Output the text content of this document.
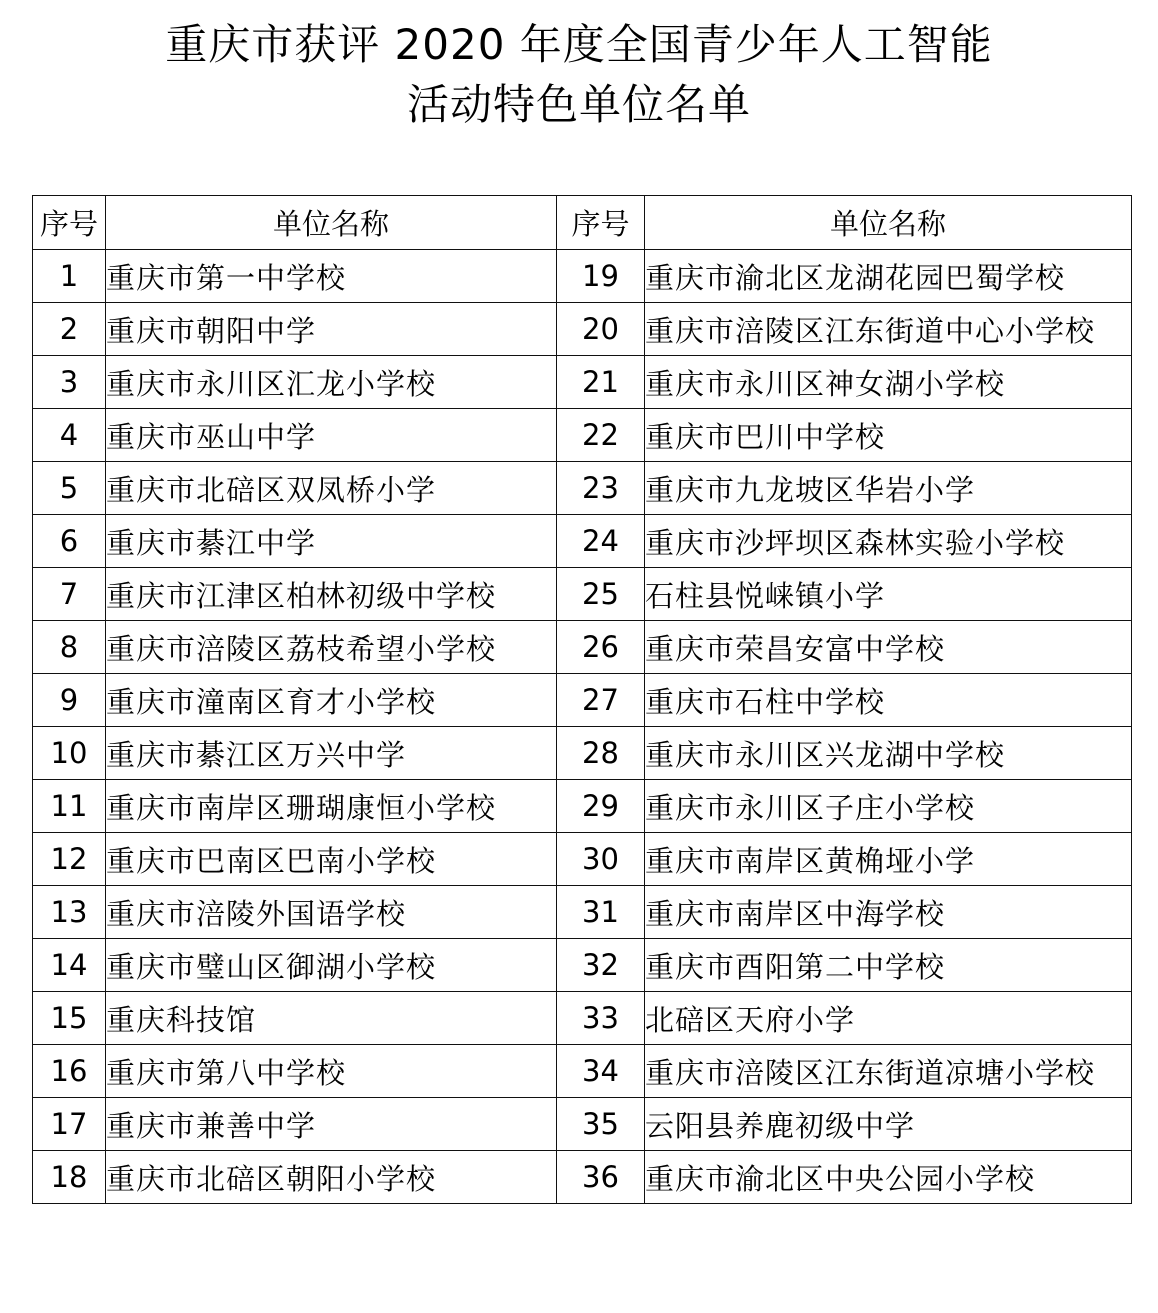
重庆市获评 2020 年度全国青少年人工智能
活动特色单位名单
序号	单位名称	序号	单位名称
1	重庆市第一中学校	19	重庆市渝北区龙湖花园巴蜀学校
2	重庆市朝阳中学	20	重庆市涪陵区江东街道中心小学校
3	重庆市永川区汇龙小学校	21	重庆市永川区神女湖小学校
4	重庆市巫山中学	22	重庆市巴川中学校
5	重庆市北碚区双凤桥小学	23	重庆市九龙坡区华岩小学
6	重庆市綦江中学	24	重庆市沙坪坝区森林实验小学校
7	重庆市江津区柏林初级中学校	25	石柱县悦崃镇小学
8	重庆市涪陵区荔枝希望小学校	26	重庆市荣昌安富中学校
9	重庆市潼南区育才小学校	27	重庆市石柱中学校
10	重庆市綦江区万兴中学	28	重庆市永川区兴龙湖中学校
11	重庆市南岸区珊瑚康恒小学校	29	重庆市永川区子庄小学校
12	重庆市巴南区巴南小学校	30	重庆市南岸区黄桷垭小学
13	重庆市涪陵外国语学校	31	重庆市南岸区中海学校
14	重庆市璧山区御湖小学校	32	重庆市酉阳第二中学校
15	重庆科技馆	33	北碚区天府小学
16	重庆市第八中学校	34	重庆市涪陵区江东街道凉塘小学校
17	重庆市兼善中学	35	云阳县养鹿初级中学
18	重庆市北碚区朝阳小学校	36	重庆市渝北区中央公园小学校
